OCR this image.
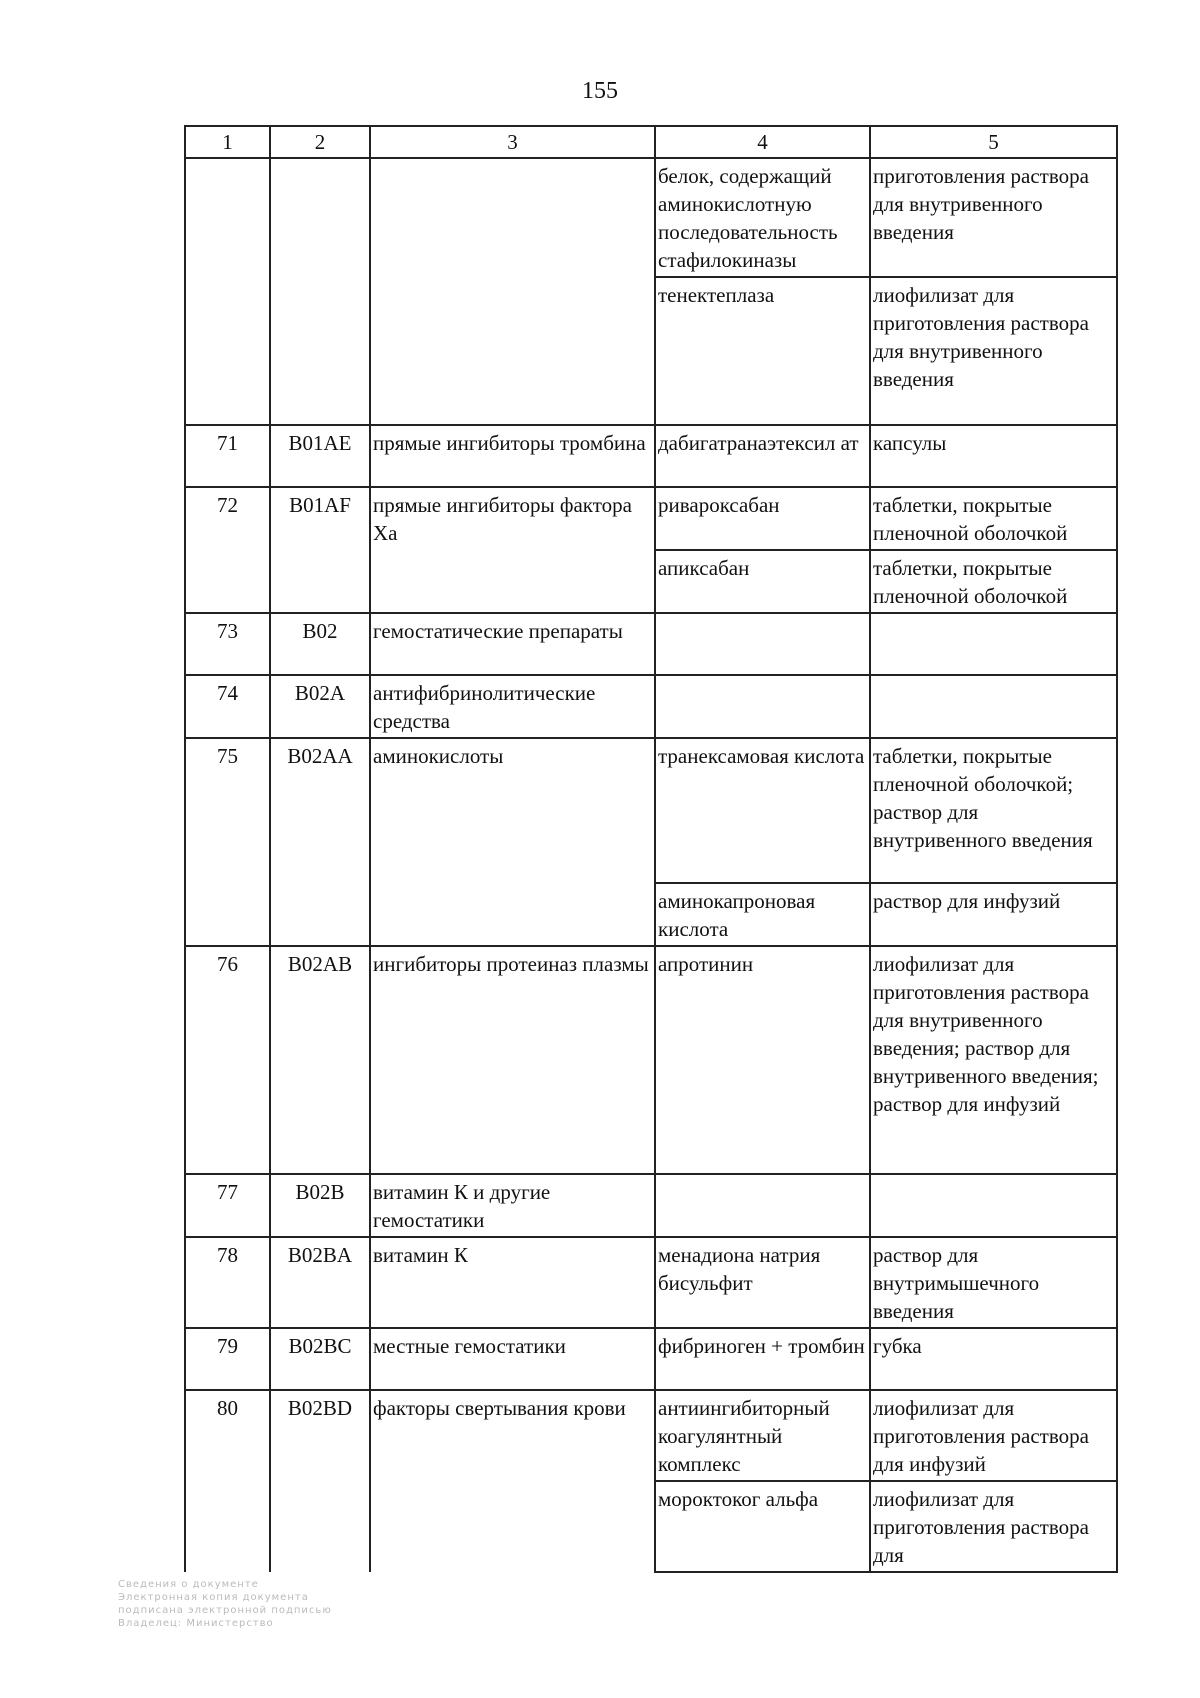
155
1	2	3	4	5
			белок, содержащий аминокислотную последовательность стафилокиназы	приготовления раствора для внутривенного введения
			тенектеплаза	лиофилизат для приготовления раствора для внутривенного введения
71	B01AE	прямые ингибиторы тромбина	дабигатранаэтексил ат	капсулы
72	B01AF	прямые ингибиторы фактора Ха	ривароксабан	таблетки, покрытые пленочной оболочкой
			апиксабан	таблетки, покрытые пленочной оболочкой
73	B02	гемостатические препараты		
74	B02A	антифибринолитические средства		
75	B02AA	аминокислоты	транексамовая кислота	таблетки, покрытые пленочной оболочкой; раствор для внутривенного введения
			аминокапроновая кислота	раствор для инфузий
76	B02AB	ингибиторы протеиназ плазмы	апротинин	лиофилизат для приготовления раствора для внутривенного введения; раствор для внутривенного введения; раствор для инфузий
77	B02B	витамин К и другие гемостатики		
78	B02BA	витамин К	менадиона натрия бисульфит	раствор для внутримышечного введения
79	B02BC	местные гемостатики	фибриноген + тромбин	губка
80	B02BD	факторы свертывания крови	антиингибиторный коагулянтный комплекс	лиофилизат для приготовления раствора для инфузий
			мороктоког альфа	лиофилизат для приготовления раствора для
Сведения о документе
Электронная копия документа
подписана электронной подписью
Владелец: Министерство
